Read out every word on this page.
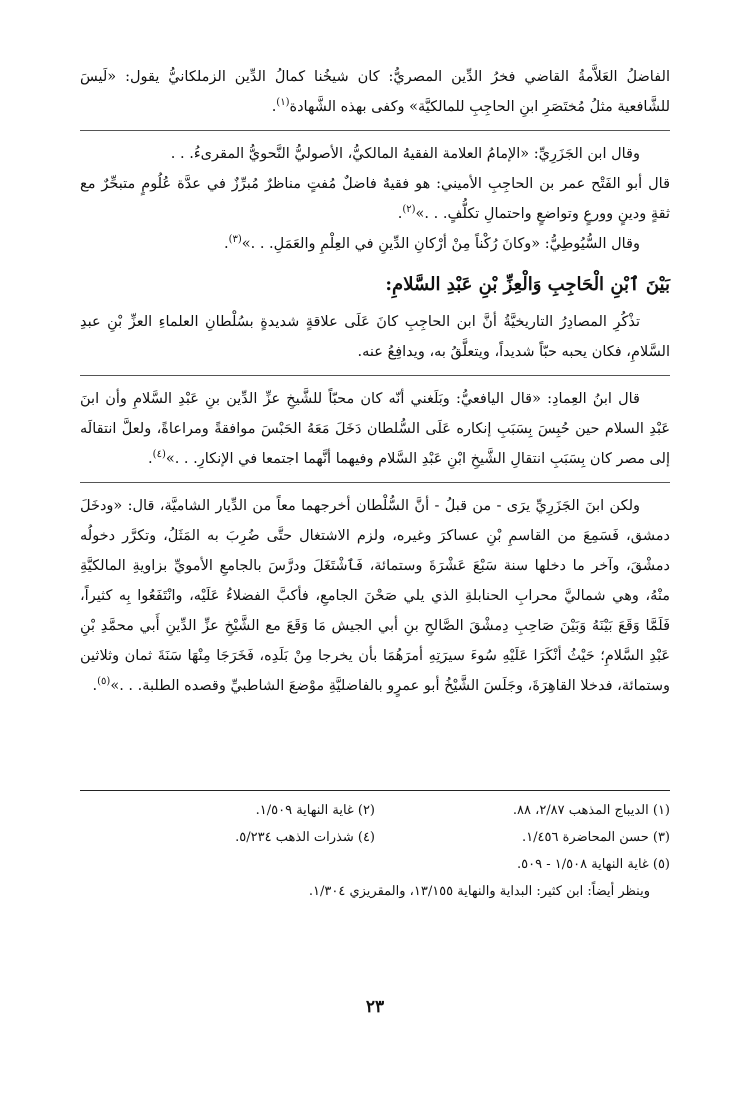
الفاضلُ العَلاَّمةُ القاضي فخرُ الدِّين المصريُّ: كان شيخُنا كمالُ الدِّين الزملكانيُّ يقول: «لَيسَ للشَّافعية مثلُ مُختَصَرِ ابنِ الحاجِبِ للمالكيَّة» وكفى بهذه الشَّهادة$^{(١)}$.

وقال ابن الجَزَرِيِّ: «الإمامُ العلامة الفقيهُ المالكيُّ، الأصوليُّ النَّحويُّ المقرىءُ. . .

قال أبو الفَتْح عمر بن الحاجِبِ الأميني: هو فقيهٌ فاضلٌ مُفتٍ مناظرٌ مُبرِّزٌ في عدَّة عُلُومٍ متبحِّرٌ مع ثقةٍ ودينٍ وورعٍ وتواضعٍ واحتمالِ تكلُّفٍ. . .»$^{(٢)}$.

وقال السُّيُوطِيُّ: «وكانَ رُكْناً مِنْ أرْكانِ الدِّينِ في العِلْمِ والعَمَلِ. . .»$^{(٣)}$.

بَيْنَ ٱبْنِ الْحَاجِبِ وَالْعِزِّ بْنِ عَبْدِ السَّلامِ:

تذْكُرِ المصادِرُ التاريخيَّةُ أنَّ ابن الحاجِبِ كانَ عَلَى علاقةٍ شديدةٍ بسُلْطانِ العلماءِ العزِّ بْنِ عبدِ السَّلامِ، فكان يحبه حبّاً شديداً، ويتعلَّقُ به، ويدافِعُ عنه.

قال ابنُ العِمادِ: «قال اليافعيُّ: وبَلَغني أنّه كان محبّاً للشَّيخِ عزِّ الدِّين بنِ عَبْدِ السَّلامِ وأن ابنَ عَبْدِ السلام حين حُبِسَ بِسَبَبِ إنكاره عَلَى السُّلطان دَخَلَ مَعَهُ الحَبْسَ موافقةً ومراعاةً، ولعلَّ انتقالَه إلى مصر كان بِسَبَبِ انتقالِ الشَّيخِ ابْنِ عَبْدِ السَّلام وفيهما أنَّهما اجتمعا في الإنكارِ. . .»$^{(٤)}$.

ولكن ابنَ الجَزَرِيِّ يرَى - من قبلُ - أنَّ السُّلْطان أخرجهما معاً من الدِّيار الشاميَّة، قال: «ودخَلَ دمشق، فَسَمِعَ من القاسمِ بْنِ عساكرَ وغيره، ولزم الاشتغال حتَّى ضُرِبَ به المَثَلُ، وتكرَّر دخولُه دمشْقَ، وآخر ما دخلها سنة سَبْعَ عَشْرَةَ وستمائة، فَٱشْتَغَلَ ودرَّسَ بالجامعِ الأمويِّ بزاويةِ المالكيَّةِ منْهُ، وهي شماليَّ محرابِ الحنابلةِ الذي يلي صَحْنَ الجامعِ، فأكبَّ الفضلاءُ عَلَيْه، وانْتَفَعُوا بِه كثيراً، فَلَمَّا وَقَعَ بَيْنَهُ وَبَيْنَ صَاحِبِ دِمشْقَ الصَّالحِ بنِ أبي الجيش مَا وَقَعَ مع الشَّيْخِ عزِّ الدِّينِ أَبي محمَّدِ بْنِ عَبْدِ السَّلامِ؛ حَيْثُ أنْكَرَا عَلَيْهِ سُوءَ سيرَتِهِ أمرَهُمَا بأن يخرجا مِنْ بَلَدِه، فَخَرَجَا مِنْهَا سَنَةَ ثمان وثلاثين وستمائة، فدخلا القاهِرَةَ، وجَلَسَ الشَّيْخُ أبو عمرٍو بالفاضليَّةِ موْضعَ الشاطبيِّ وقصده الطلبة. . .»$^{(٥)}$.

(١) الديباج المذهب ٢/٨٧، ٨٨.
(٢) غاية النهاية ١/٥٠٩.
(٣) حسن المحاضرة ١/٤٥٦.
(٤) شذرات الذهب ٥/٢٣٤.
(٥) غاية النهاية ١/٥٠٨ - ٥٠٩.
وينظر أيضاً: ابن كثير: البداية والنهاية ١٣/١٥٥، والمقريزي ١/٣٠٤.
٢٣
